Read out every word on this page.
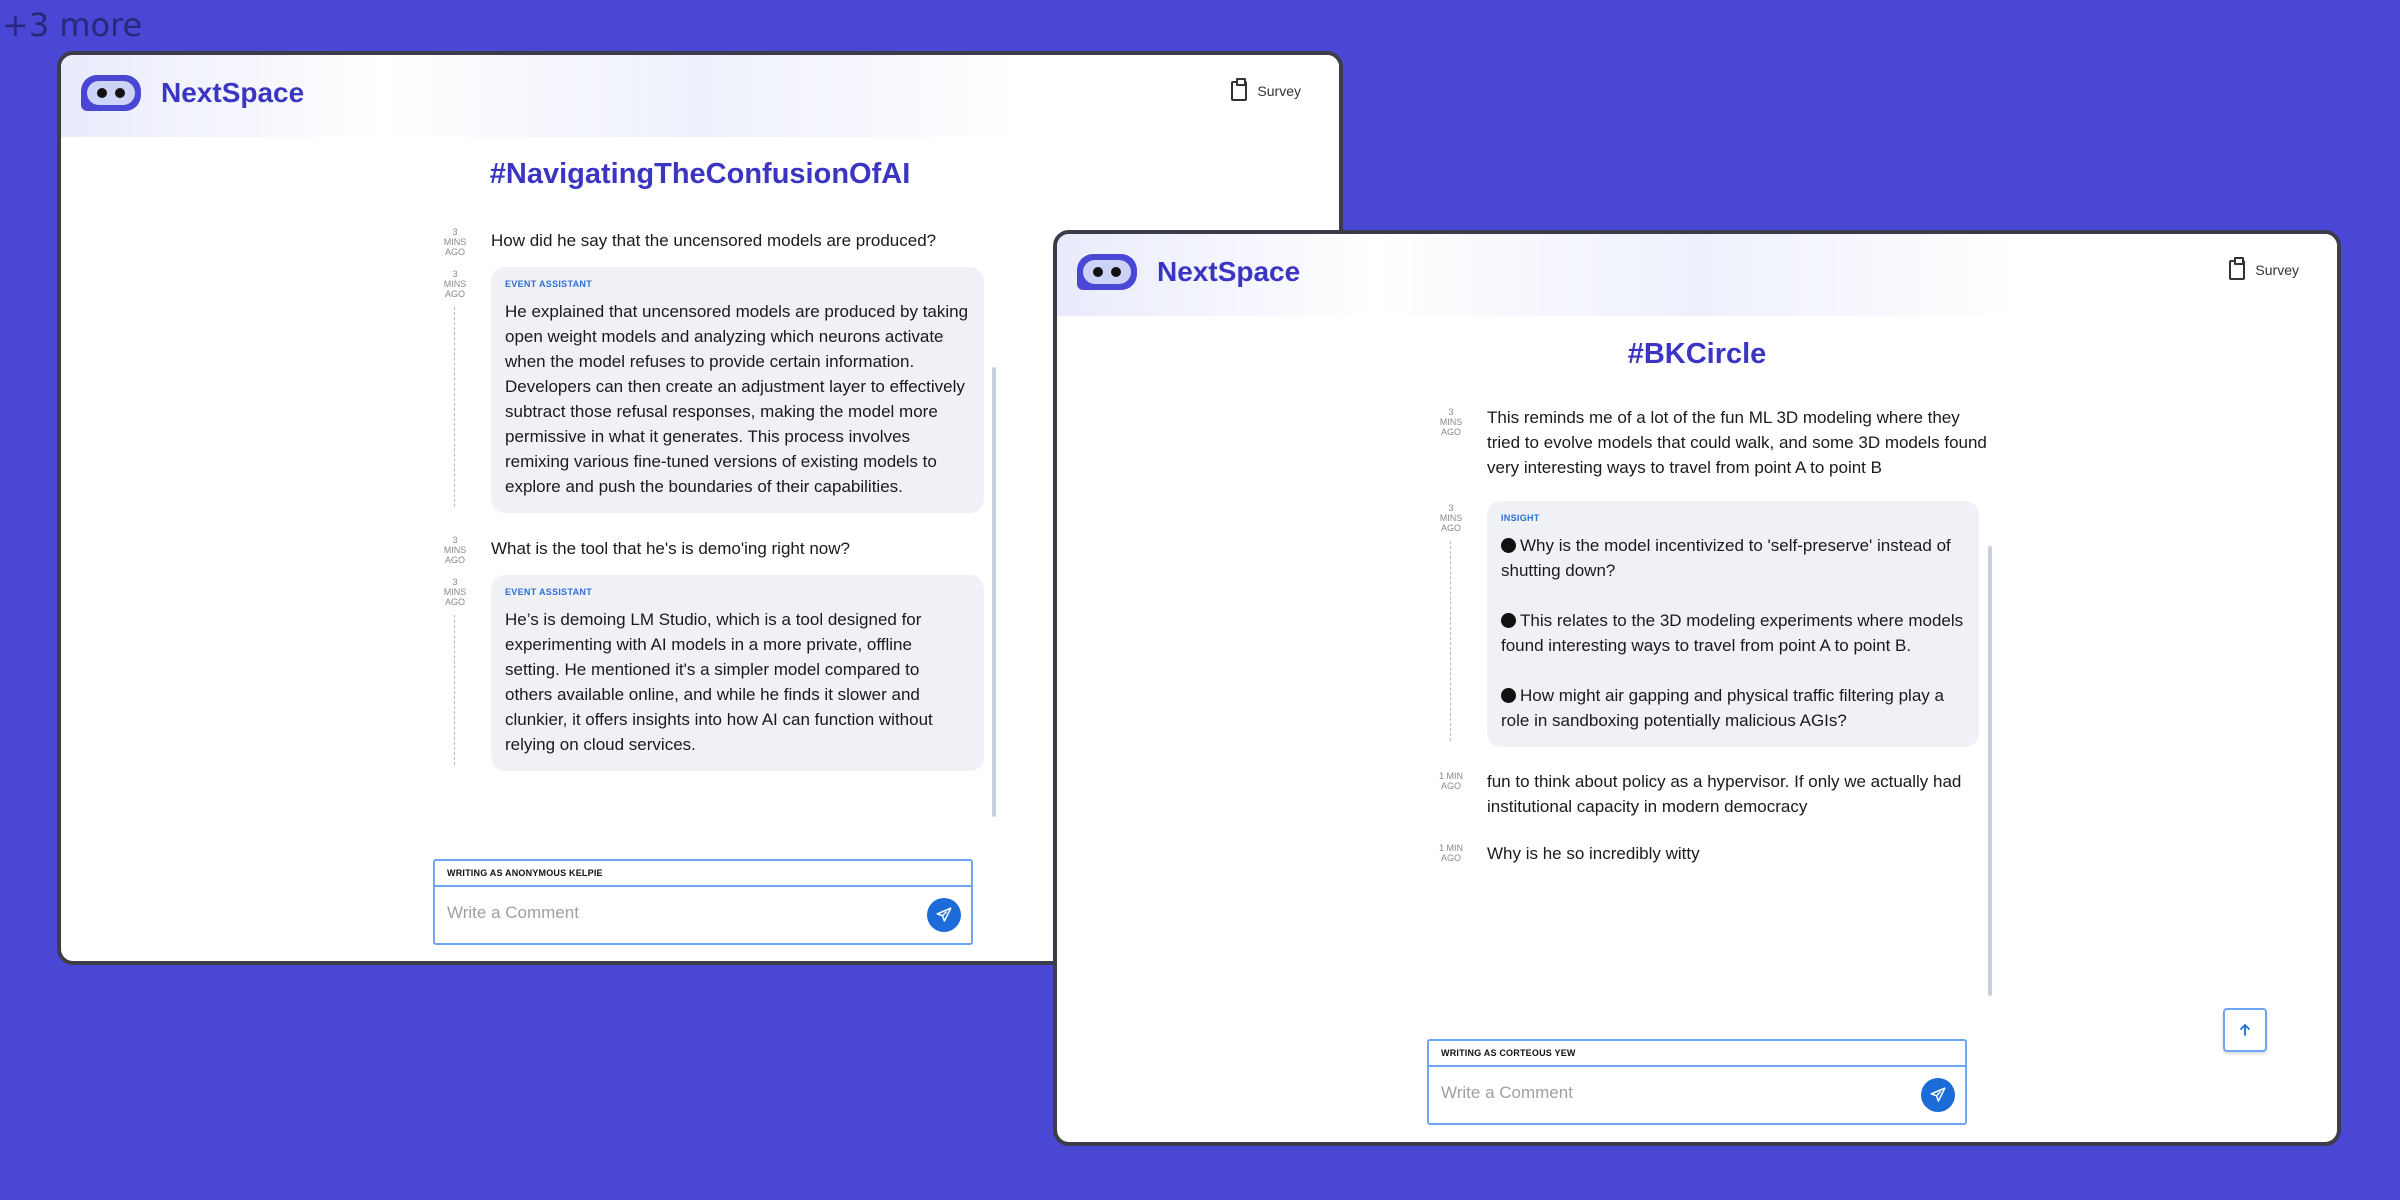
+3 more
NextSpace	Survey
#NavigatingTheConfusionOfAI
3
MINS
AGO
How did he say that the uncensored models are produced?
3
MINS
AGO
EVENT ASSISTANT
He explained that uncensored models are produced by taking open weight models and analyzing which neurons activate when the model refuses to provide certain information. Developers can then create an adjustment layer to effectively subtract those refusal responses, making the model more permissive in what it generates. This process involves remixing various fine-tuned versions of existing models to explore and push the boundaries of their capabilities.
3
MINS
AGO
What is the tool that he's is demo'ing right now?
3
MINS
AGO
EVENT ASSISTANT
He’s is demoing LM Studio, which is a tool designed for experimenting with AI models in a more private, offline setting. He mentioned it's a simpler model compared to others available online, and while he finds it slower and clunkier, it offers insights into how AI can function without relying on cloud services.
WRITING AS ANONYMOUS KELPIE
Write a Comment
NextSpace	Survey
#BKCircle
3
MINS
AGO
This reminds me of a lot of the fun ML 3D modeling where they tried to evolve models that could walk, and some 3D models found very interesting ways to travel from point A to point B
3
MINS
AGO
INSIGHT
Why is the model incentivized to 'self-preserve' instead of shutting down?
This relates to the 3D modeling experiments where models found interesting ways to travel from point A to point B.
How might air gapping and physical traffic filtering play a role in sandboxing potentially malicious AGIs?
1 MIN
AGO	fun to think about policy as a hypervisor. If only we actually had institutional capacity in modern democracy
1 MIN
AGO	Why is he so incredibly witty
WRITING AS CORTEOUS YEW
Write a Comment
